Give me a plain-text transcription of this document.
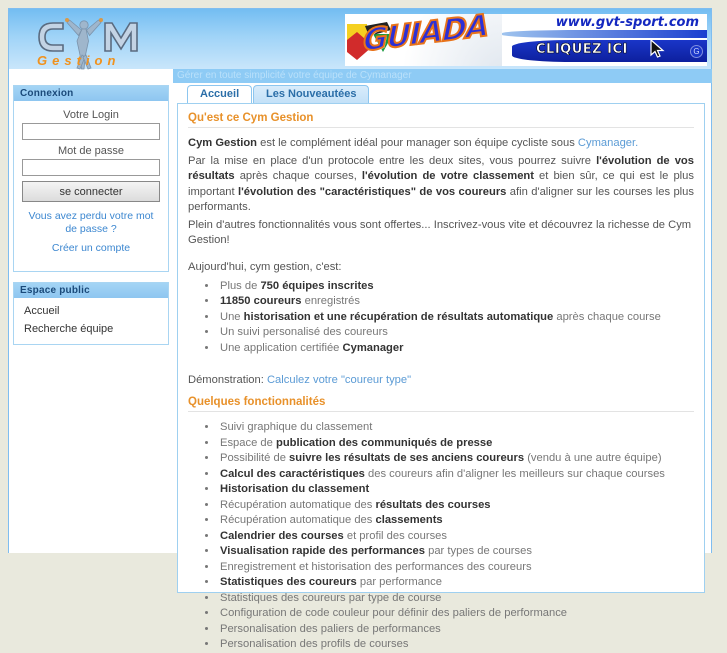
Gestion
GUIADA	www.gvt-sport.com
CLIQUEZ ICI	G
Gérer en toute simplicité votre équipe de Cymanager
Connexion
Votre Login
Mot de passe
se connecter
Vous avez perdu votre mot de passe ?
Créer un compte
Espace public
Accueil
Recherche équipe
Accueil	Les Nouveautées
Qu'est ce Cym Gestion

Cym Gestion est le complément idéal pour manager son équipe cycliste sous Cymanager.

Par la mise en place d'un protocole entre les deux sites, vous pourrez suivre l'évolution de vos résultats après chaque courses, l'évolution de votre classement et bien sûr, ce qui est le plus important l'évolution des "caractéristiques" de vos coureurs afin d'aligner sur les courses les plus performants.

Plein d'autres fonctionnalités vous sont offertes... Inscrivez-vous vite et découvrez la richesse de Cym Gestion!

Aujourd'hui, cym gestion, c'est:

• Plus de 750 équipes inscrites
• 11850 coureurs enregistrés
• Une historisation et une récupération de résultats automatique après chaque course
• Un suivi personalisé des coureurs
• Une application certifiée Cymanager

Démonstration: Calculez votre "coureur type"

Quelques fonctionnalités
• Suivi graphique du classement
• Espace de publication des communiqués de presse
• Possibilité de suivre les résultats de ses anciens coureurs (vendu à une autre équipe)
• Calcul des caractéristiques des coureurs afin d'aligner les meilleurs sur chaque courses
• Historisation du classement
• Récupération automatique des résultats des courses
• Récupération automatique des classements
• Calendrier des courses et profil des courses
• Visualisation rapide des performances par types de courses
• Enregistrement et historisation des performances des coureurs
• Statistiques des coureurs par performance
• Statistiques des coureurs par type de course
• Configuration de code couleur pour définir des paliers de performance
• Personalisation des paliers de performances
• Personalisation des profils de courses
